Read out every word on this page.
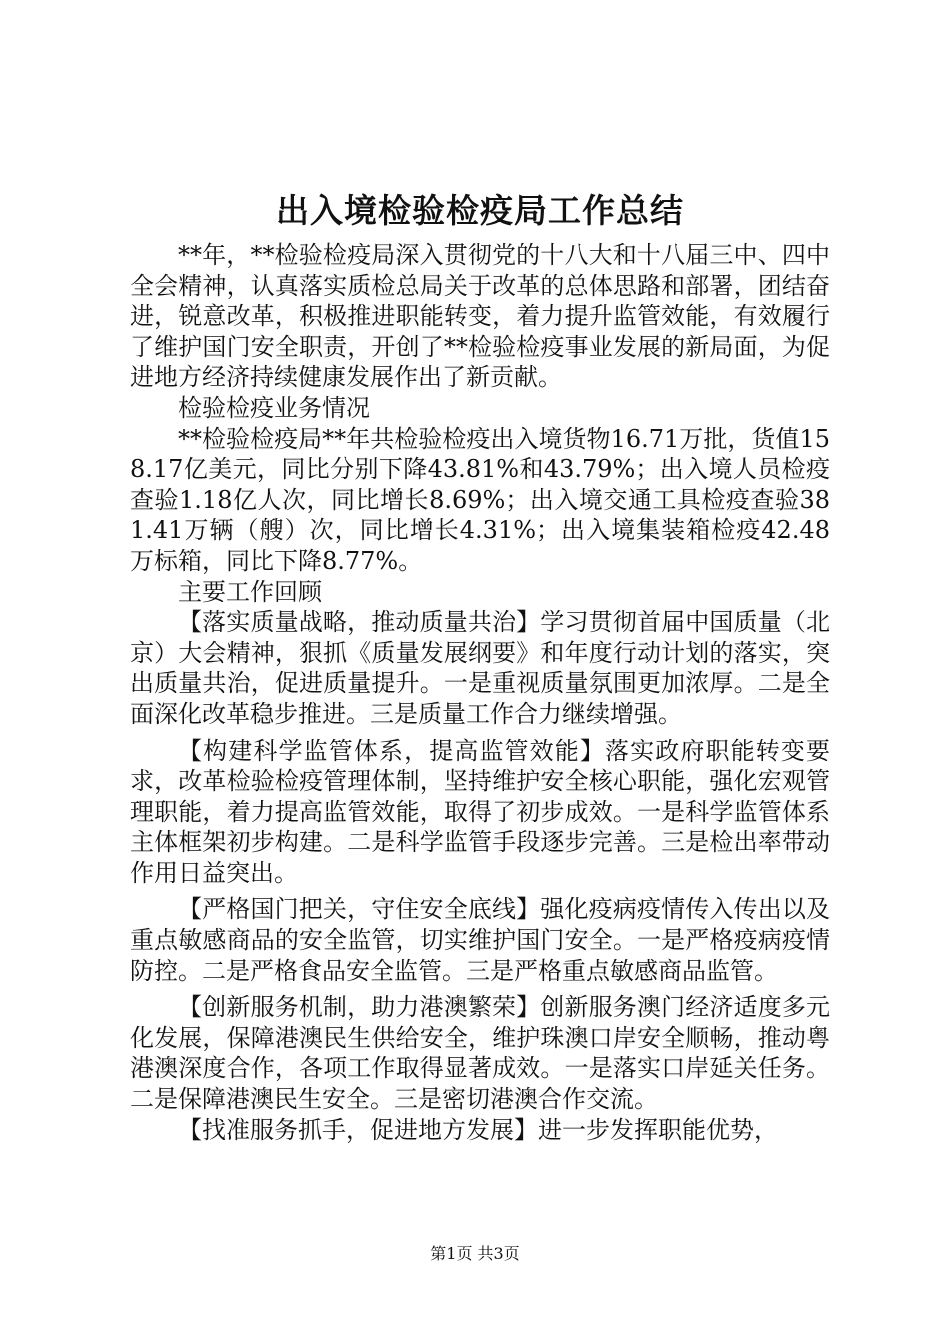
出入境检验检疫局工作总结

**年，**检验检疫局深入贯彻党的十八大和十八届三中、四中全会精神，认真落实质检总局关于改革的总体思路和部署，团结奋进，锐意改革，积极推进职能转变，着力提升监管效能，有效履行了维护国门安全职责，开创了**检验检疫事业发展的新局面，为促进地方经济持续健康发展作出了新贡献。

检验检疫业务情况

**检验检疫局**年共检验检疫出入境货物16.71万批，货值158.17亿美元，同比分别下降43.81%和43.79%；出入境人员检疫查验1.18亿人次，同比增长8.69%；出入境交通工具检疫查验381.41万辆（艘）次，同比增长4.31%；出入境集装箱检疫42.48万标箱，同比下降8.77%。

主要工作回顾

【落实质量战略，推动质量共治】学习贯彻首届中国质量（北京）大会精神，狠抓《质量发展纲要》和年度行动计划的落实，突出质量共治，促进质量提升。一是重视质量氛围更加浓厚。二是全面深化改革稳步推进。三是质量工作合力继续增强。

【构建科学监管体系，提高监管效能】落实政府职能转变要求，改革检验检疫管理体制，坚持维护安全核心职能，强化宏观管理职能，着力提高监管效能，取得了初步成效。一是科学监管体系主体框架初步构建。二是科学监管手段逐步完善。三是检出率带动作用日益突出。

【严格国门把关，守住安全底线】强化疫病疫情传入传出以及重点敏感商品的安全监管，切实维护国门安全。一是严格疫病疫情防控。二是严格食品安全监管。三是严格重点敏感商品监管。

【创新服务机制，助力港澳繁荣】创新服务澳门经济适度多元化发展，保障港澳民生供给安全，维护珠澳口岸安全顺畅，推动粤港澳深度合作，各项工作取得显著成效。一是落实口岸延关任务。二是保障港澳民生安全。三是密切港澳合作交流。

【找准服务抓手，促进地方发展】进一步发挥职能优势，

第1页 共3页
